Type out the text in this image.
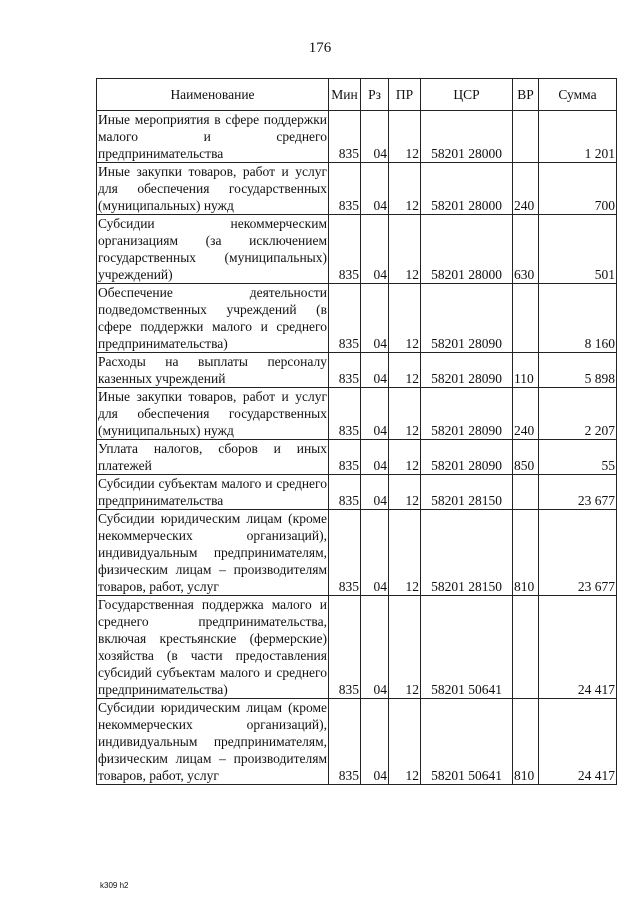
176
Наименование	Мин	Рз	ПР	ЦСР	ВР	Сумма
Иные мероприятия в сфере поддержки малого и среднего предпринимательства	835	04	12	58201 28000		1 201
Иные закупки товаров, работ и услуг для обеспечения государственных (муниципальных) нужд	835	04	12	58201 28000	240	700
Субсидии некоммерческим организациям (за исключением государственных (муниципальных) учреждений)	835	04	12	58201 28000	630	501
Обеспечение деятельности подведомственных учреждений (в сфере поддержки малого и среднего предпринимательства)	835	04	12	58201 28090		8 160
Расходы на выплаты персоналу казенных учреждений	835	04	12	58201 28090	110	5 898
Иные закупки товаров, работ и услуг для обеспечения государственных (муниципальных) нужд	835	04	12	58201 28090	240	2 207
Уплата налогов, сборов и иных платежей	835	04	12	58201 28090	850	55
Субсидии субъектам малого и среднего предпринимательства	835	04	12	58201 28150		23 677
Субсидии юридическим лицам (кроме некоммерческих организаций), индивидуальным предпринимателям, физическим лицам – производителям товаров, работ, услуг	835	04	12	58201 28150	810	23 677
Государственная поддержка малого и среднего предпринимательства, включая крестьянские (фермерские) хозяйства (в части предоставления субсидий субъектам малого и среднего предпринимательства)	835	04	12	58201 50641		24 417
Субсидии юридическим лицам (кроме некоммерческих организаций), индивидуальным предпринимателям, физическим лицам – производителям товаров, работ, услуг	835	04	12	58201 50641	810	24 417
k309 h2
